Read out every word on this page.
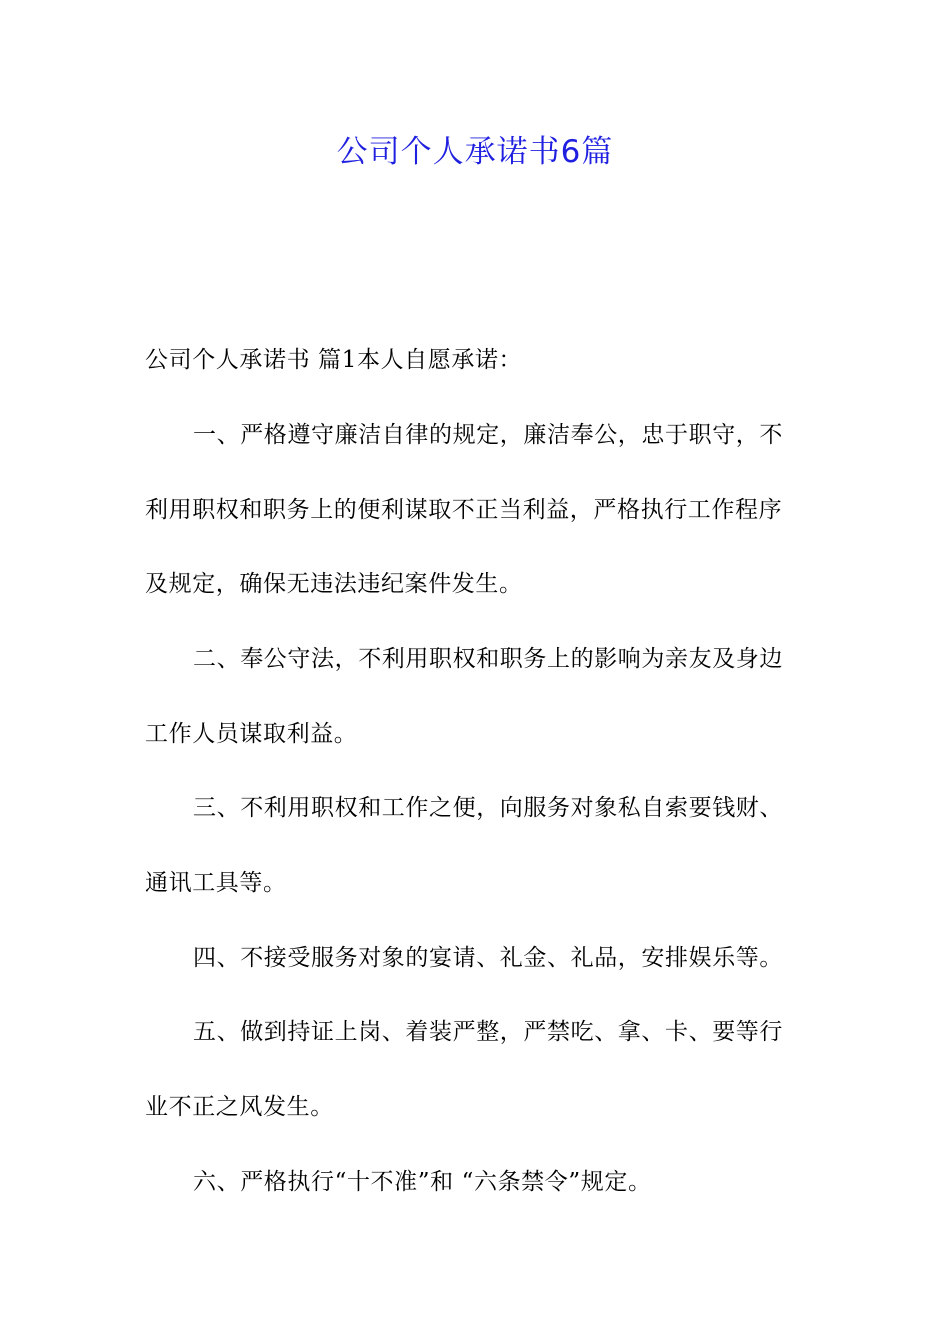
公司个人承诺书6篇
公司个人承诺书 篇1本人自愿承诺：
一、严格遵守廉洁自律的规定，廉洁奉公，忠于职守，不
利用职权和职务上的便利谋取不正当利益，严格执行工作程序
及规定，确保无违法违纪案件发生。
二、奉公守法，不利用职权和职务上的影响为亲友及身边
工作人员谋取利益。
三、不利用职权和工作之便，向服务对象私自索要钱财、
通讯工具等。
四、不接受服务对象的宴请、礼金、礼品，安排娱乐等。
五、做到持证上岗、着装严整，严禁吃、拿、卡、要等行
业不正之风发生。
六、严格执行“十不准”和 “六条禁令”规定。
